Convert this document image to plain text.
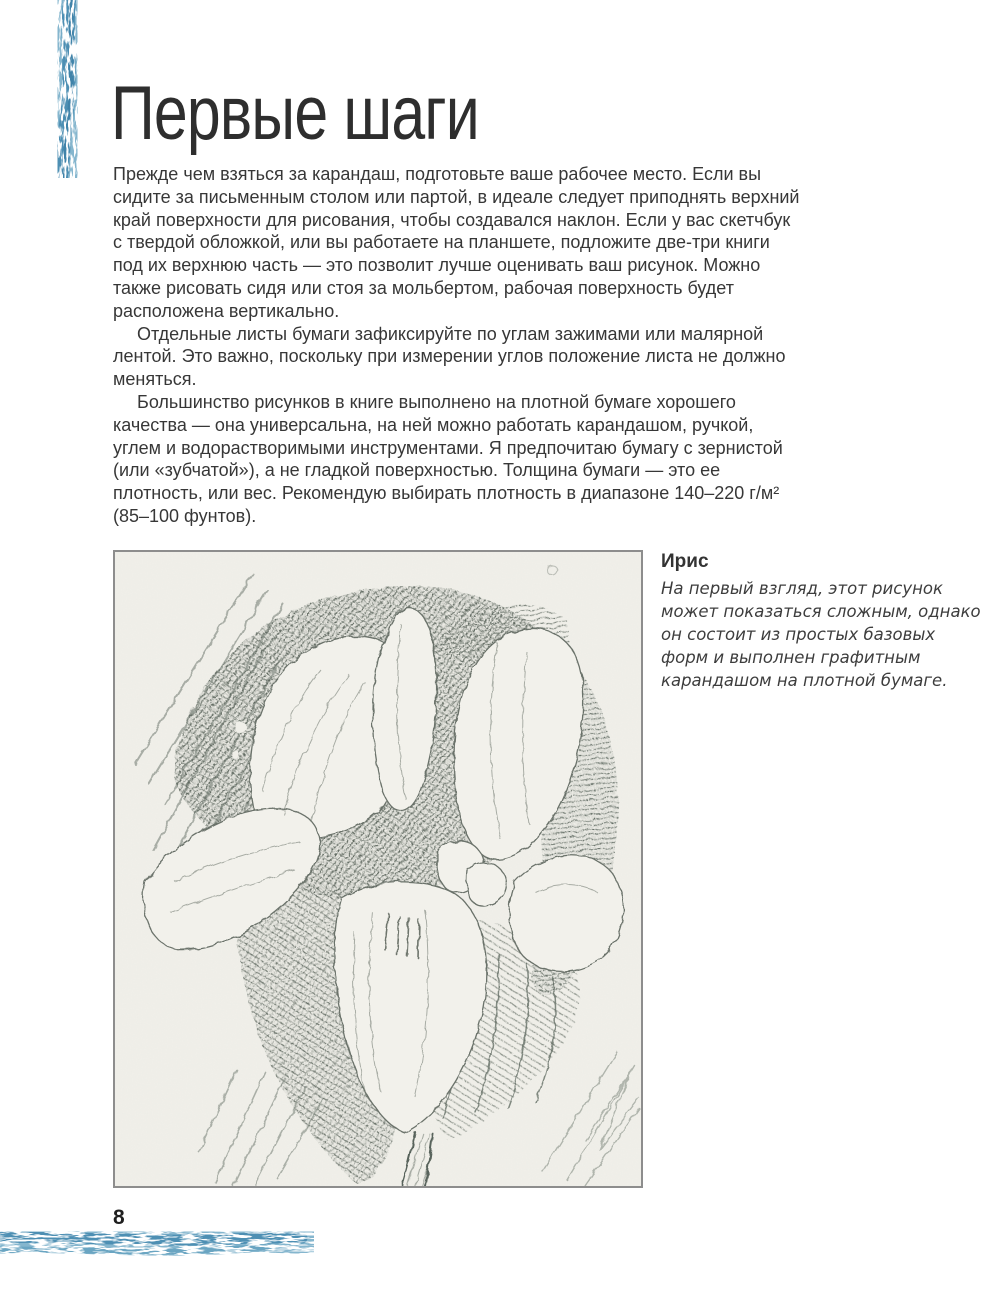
Первые шаги

Прежде чем взяться за карандаш, подготовьте ваше рабочее место. Если вы сидите за письменным столом или партой, в идеале следует приподнять верхний край поверхности для рисования, чтобы создавался наклон. Если у вас скетчбук с твердой обложкой, или вы работаете на планшете, подложите две-три книги под их верхнюю часть — это позволит лучше оценивать ваш рисунок. Можно также рисовать сидя или стоя за мольбертом, рабочая поверхность будет расположена вертикально.

Отдельные листы бумаги зафиксируйте по углам зажимами или малярной лентой. Это важно, поскольку при измерении углов положение листа не должно меняться.

Большинство рисунков в книге выполнено на плотной бумаге хорошего качества — она универсальна, на ней можно работать карандашом, ручкой, углем и водорастворимыми инструментами. Я предпочитаю бумагу с зернистой (или «зубчатой»), а не гладкой поверхностью. Толщина бумаги — это ее плотность, или вес. Рекомендую выбирать плотность в диапазоне 140–220 г/м² (85–100 фунтов).

Ирис

На первый взгляд, этот рисунок может показаться сложным, однако он состоит из простых базовых форм и выполнен графитным карандашом на плотной бумаге.

8
